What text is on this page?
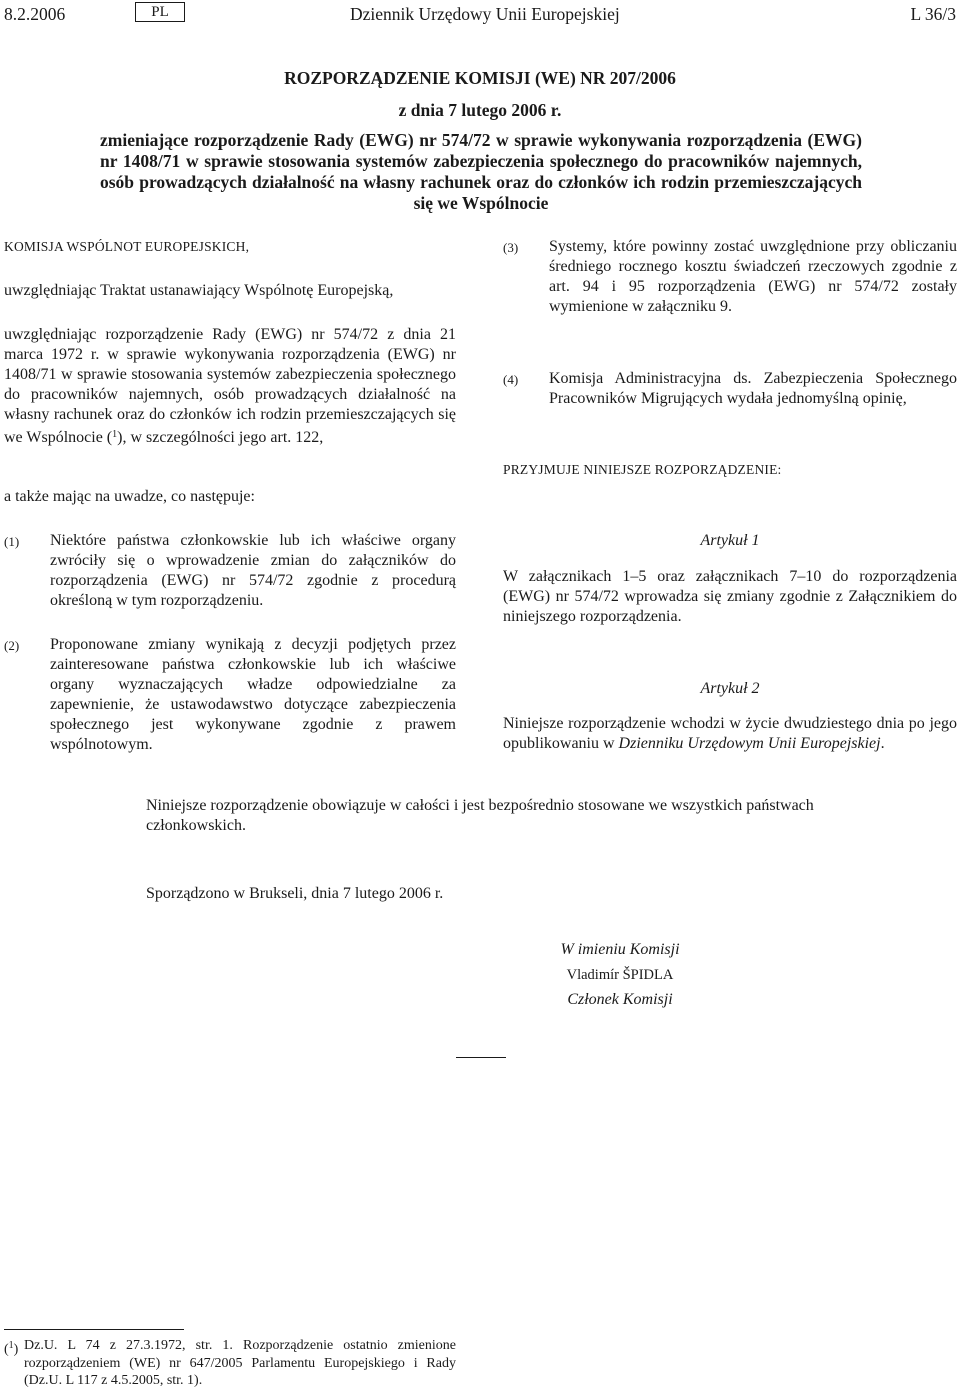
8.2.2006	PL	Dziennik Urzędowy Unii Europejskiej	L 36/3
ROZPORZĄDZENIE KOMISJI (WE) NR 207/2006
z dnia 7 lutego 2006 r.
zmieniające rozporządzenie Rady (EWG) nr 574/72 w sprawie wykonywania rozporządzenia (EWG) nr 1408/71 w sprawie stosowania systemów zabezpieczenia społecznego do pracowników najemnych, osób prowadzących działalność na własny rachunek oraz do członków ich rodzin przemieszczających się we Wspólnocie

KOMISJA WSPÓLNOT EUROPEJSKICH,

uwzględniając Traktat ustanawiający Wspólnotę Europejską,

uwzględniając rozporządzenie Rady (EWG) nr 574/72 z dnia 21 marca 1972 r. w sprawie wykonywania rozporządzenia (EWG) nr 1408/71 w sprawie stosowania systemów zabezpieczenia społecznego do pracowników najemnych, osób prowadzących działalność na własny rachunek oraz do członków ich rodzin przemieszczających się we Wspólnocie ($^1$), w szczególności jego art. 122,

a także mając na uwadze, co następuje:

(1) Niektóre państwa członkowskie lub ich właściwe organy zwróciły się o wprowadzenie zmian do załączników do rozporządzenia (EWG) nr 574/72 zgodnie z procedurą określoną w tym rozporządzeniu.

(2) Proponowane zmiany wynikają z decyzji podjętych przez zainteresowane państwa członkowskie lub ich właściwe organy wyznaczających władze odpowiedzialne za zapewnienie, że ustawodawstwo dotyczące zabezpieczenia społecznego jest wykonywane zgodnie z prawem wspólnotowym.

(3) Systemy, które powinny zostać uwzględnione przy obliczaniu średniego rocznego kosztu świadczeń rzeczowych zgodnie z art. 94 i 95 rozporządzenia (EWG) nr 574/72 zostały wymienione w załączniku 9.

(4) Komisja Administracyjna ds. Zabezpieczenia Społecznego Pracowników Migrujących wydała jednomyślną opinię,

PRZYJMUJE NINIEJSZE ROZPORZĄDZENIE:

Artykuł 1

W załącznikach 1–5 oraz załącznikach 7–10 do rozporządzenia (EWG) nr 574/72 wprowadza się zmiany zgodnie z Załącznikiem do niniejszego rozporządzenia.

Artykuł 2

Niniejsze rozporządzenie wchodzi w życie dwudziestego dnia po jego opublikowaniu w Dzienniku Urzędowym Unii Europejskiej.

Niniejsze rozporządzenie obowiązuje w całości i jest bezpośrednio stosowane we wszystkich państwach członkowskich.

Sporządzono w Brukseli, dnia 7 lutego 2006 r.

W imieniu Komisji
Vladimír ŠPIDLA
Członek Komisji
($^1$) Dz.U. L 74 z 27.3.1972, str. 1. Rozporządzenie ostatnio zmienione rozporządzeniem (WE) nr 647/2005 Parlamentu Europejskiego i Rady (Dz.U. L 117 z 4.5.2005, str. 1).
